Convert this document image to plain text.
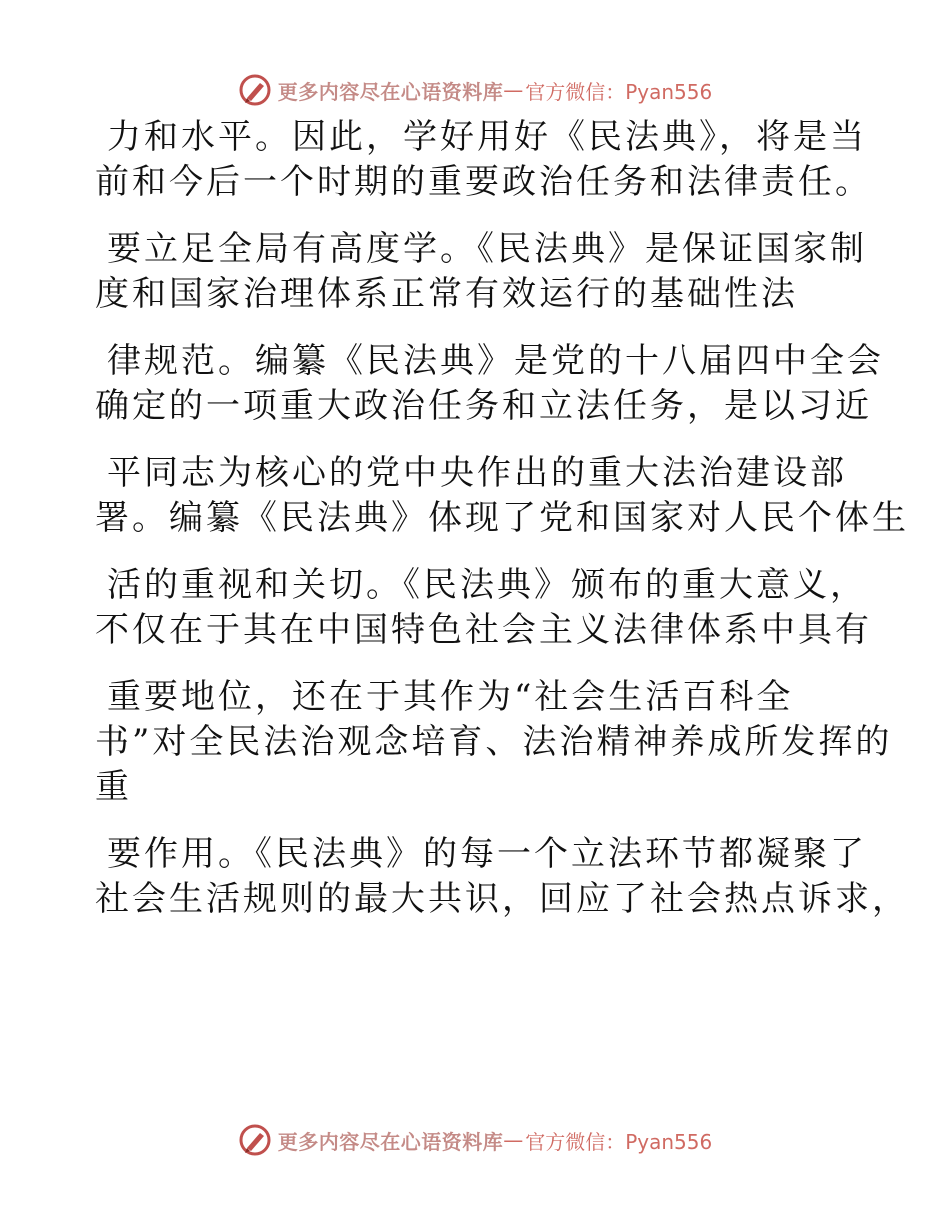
更多内容尽在心语资料库 — 官方微信：Pyan556
力和水平。因此，学好用好《民法典》，将是当
前和今后一个时期的重要政治任务和法律责任。
要立足全局有高度学。《民法典》是保证国家制
度和国家治理体系正常有效运行的基础性法
律规范。编纂《民法典》是党的十八届四中全会
确定的一项重大政治任务和立法任务，是以习近
平同志为核心的党中央作出的重大法治建设部
署。编纂《民法典》体现了党和国家对人民个体生
活的重视和关切。《民法典》颁布的重大意义，
不仅在于其在中国特色社会主义法律体系中具有
重要地位，还在于其作为“社会生活百科全
书”对全民法治观念培育、法治精神养成所发挥的
重
要作用。《民法典》的每一个立法环节都凝聚了
社会生活规则的最大共识，回应了社会热点诉求，
更多内容尽在心语资料库 — 官方微信：Pyan556
